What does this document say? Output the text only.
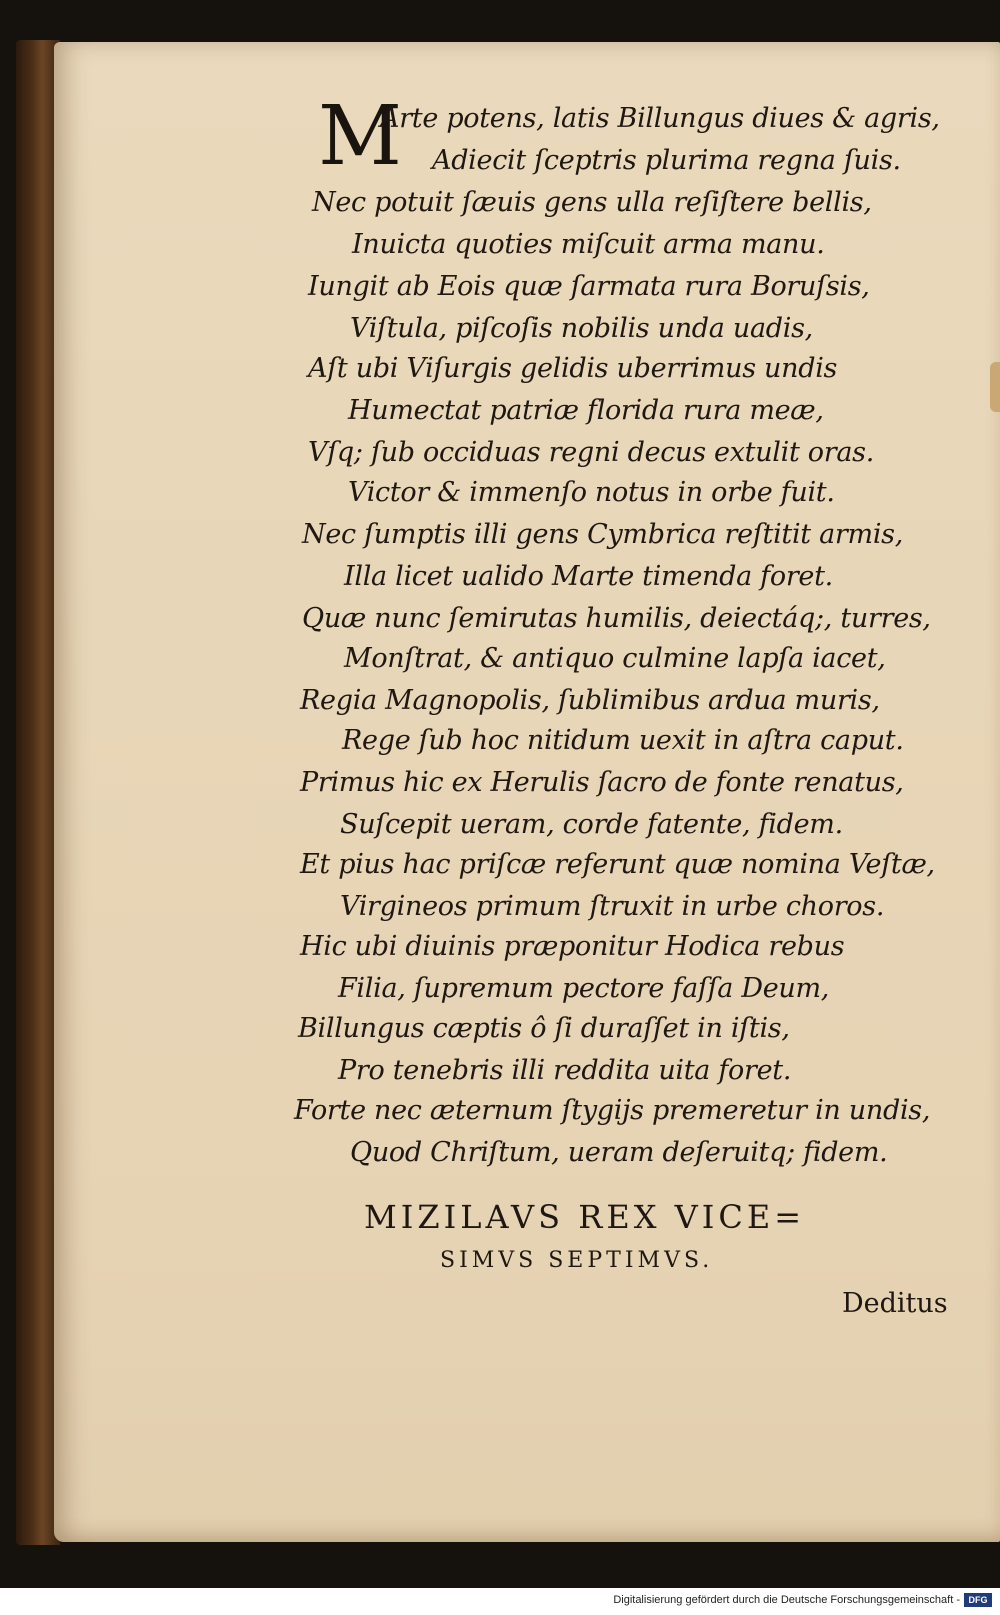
M
Arte potens, latis Billungus diues & agris,
Adiecit ſceptris plurima regna ſuis.
Nec potuit ſæuis gens ulla reſiſtere bellis,
Inuicta quoties miſcuit arma manu.
Iungit ab Eois quæ ſarmata rura Boruſsis,
Viſtula, piſcoſis nobilis unda uadis,
Aſt ubi Viſurgis gelidis uberrimus undis
Humectat patriæ florida rura meæ,
Vſq; ſub occiduas regni decus extulit oras.
Victor & immenſo notus in orbe fuit.
Nec ſumptis illi gens Cymbrica reſtitit armis,
Illa licet ualido Marte timenda foret.
Quæ nunc ſemirutas humilis, deiectáq;, turres,
Monſtrat, & antiquo culmine lapſa iacet,
Regia Magnopolis, ſublimibus ardua muris,
Rege ſub hoc nitidum uexit in aſtra caput.
Primus hic ex Herulis ſacro de fonte renatus,
Suſcepit ueram, corde fatente, fidem.
Et pius hac priſcæ referunt quæ nomina Veſtæ,
Virgineos primum ſtruxit in urbe choros.
Hic ubi diuinis præponitur Hodica rebus
Filia, ſupremum pectore faſſa Deum,
Billungus cæptis ô ſi duraſſet in iſtis,
Pro tenebris illi reddita uita foret.
Forte nec æternum ſtygijs premeretur in undis,
Quod Chriſtum, ueram deſeruitq; fidem.
MIZILAVS REX VICE=
SIMVS SEPTIMVS.
Deditus
Digitalisierung gefördert durch die Deutsche Forschungsgemeinschaft - DFG
